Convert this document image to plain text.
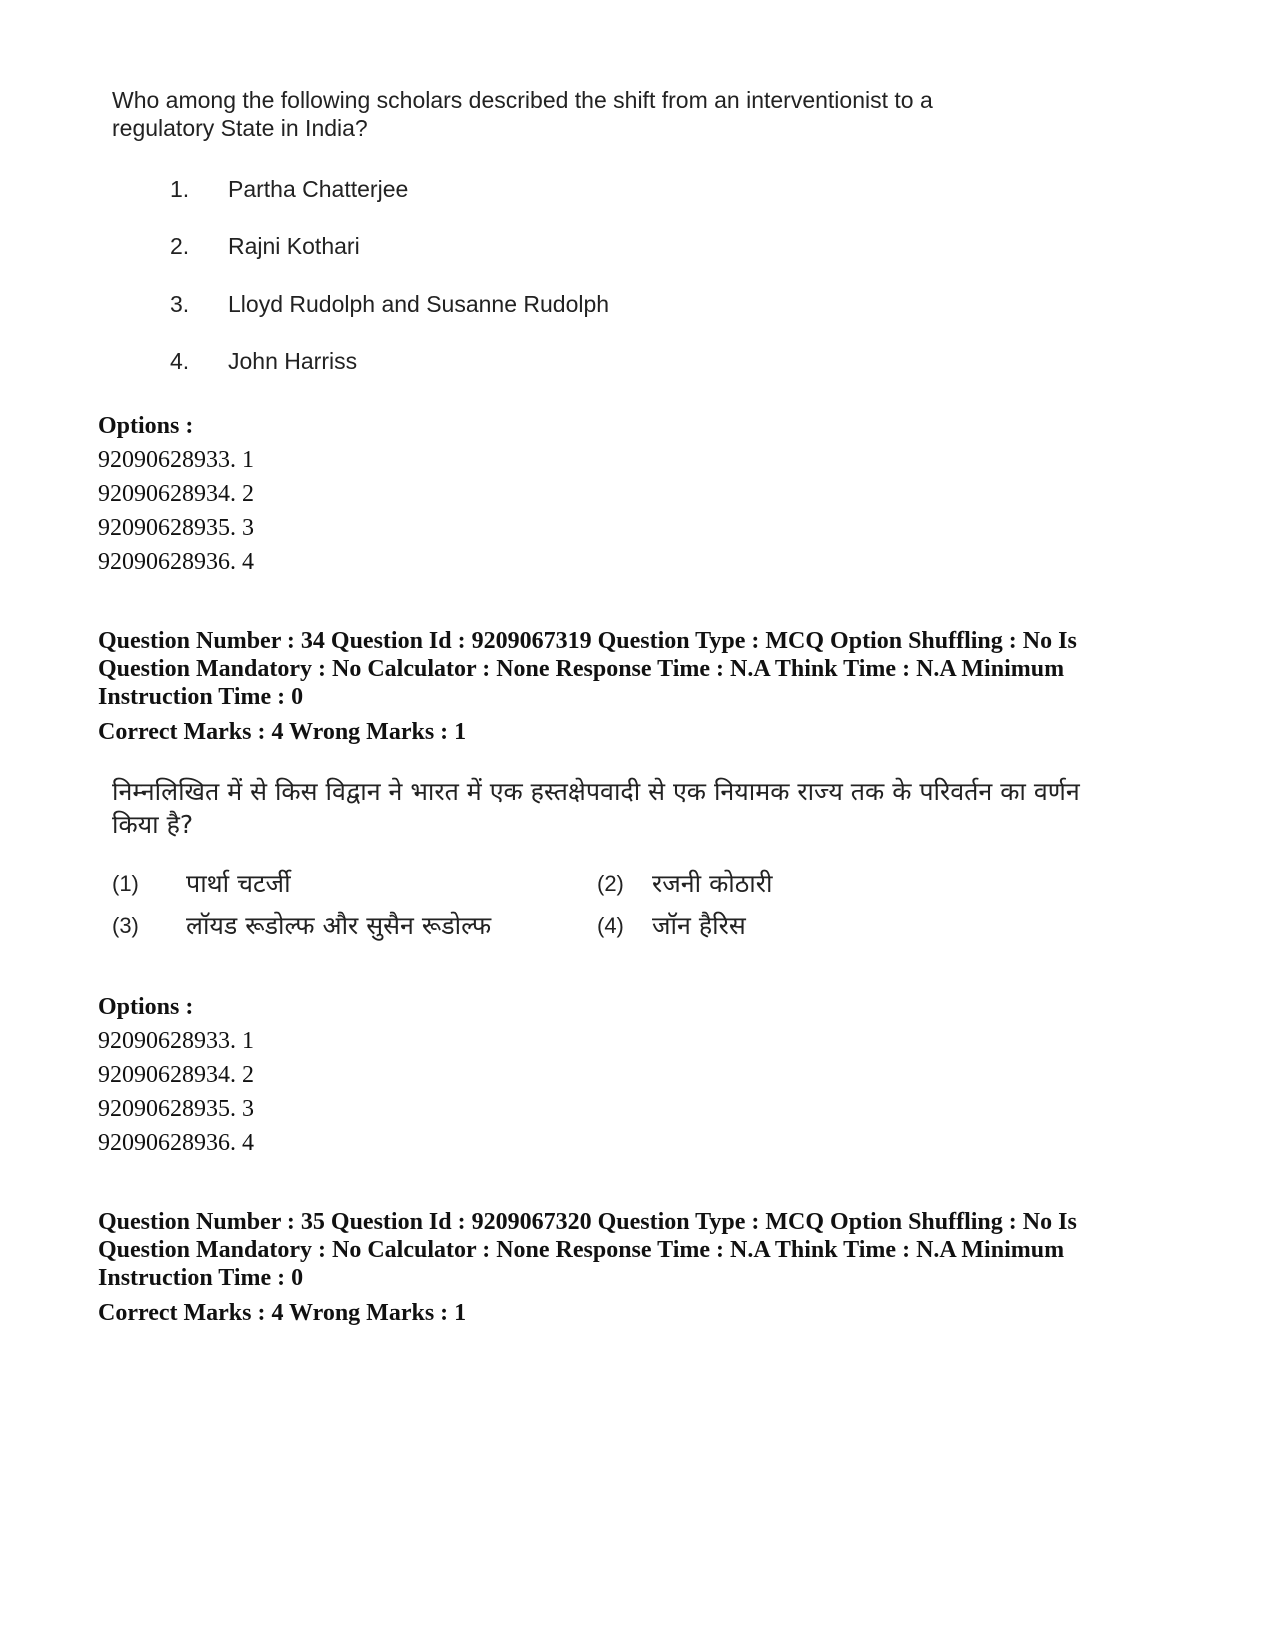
Who among the following scholars described the shift from an interventionist to a regulatory State in India?
1. Partha Chatterjee
2. Rajni Kothari
3. Lloyd Rudolph and Susanne Rudolph
4. John Harriss
Options :
92090628933. 1
92090628934. 2
92090628935. 3
92090628936. 4
Question Number : 34 Question Id : 9209067319 Question Type : MCQ Option Shuffling : No Is Question Mandatory : No Calculator : None Response Time : N.A Think Time : N.A Minimum Instruction Time : 0
Correct Marks : 4 Wrong Marks : 1
निम्नलिखित में से किस विद्वान ने भारत में एक हस्तक्षेपवादी से एक नियामक राज्य तक के परिवर्तन का वर्णन किया है?
(1) पार्था चटर्जी	(2) रजनी कोठारी
(3) लॉयड रूडोल्फ और सुसैन रूडोल्फ	(4) जॉन हैरिस
Options :
92090628933. 1
92090628934. 2
92090628935. 3
92090628936. 4
Question Number : 35 Question Id : 9209067320 Question Type : MCQ Option Shuffling : No Is Question Mandatory : No Calculator : None Response Time : N.A Think Time : N.A Minimum Instruction Time : 0
Correct Marks : 4 Wrong Marks : 1
